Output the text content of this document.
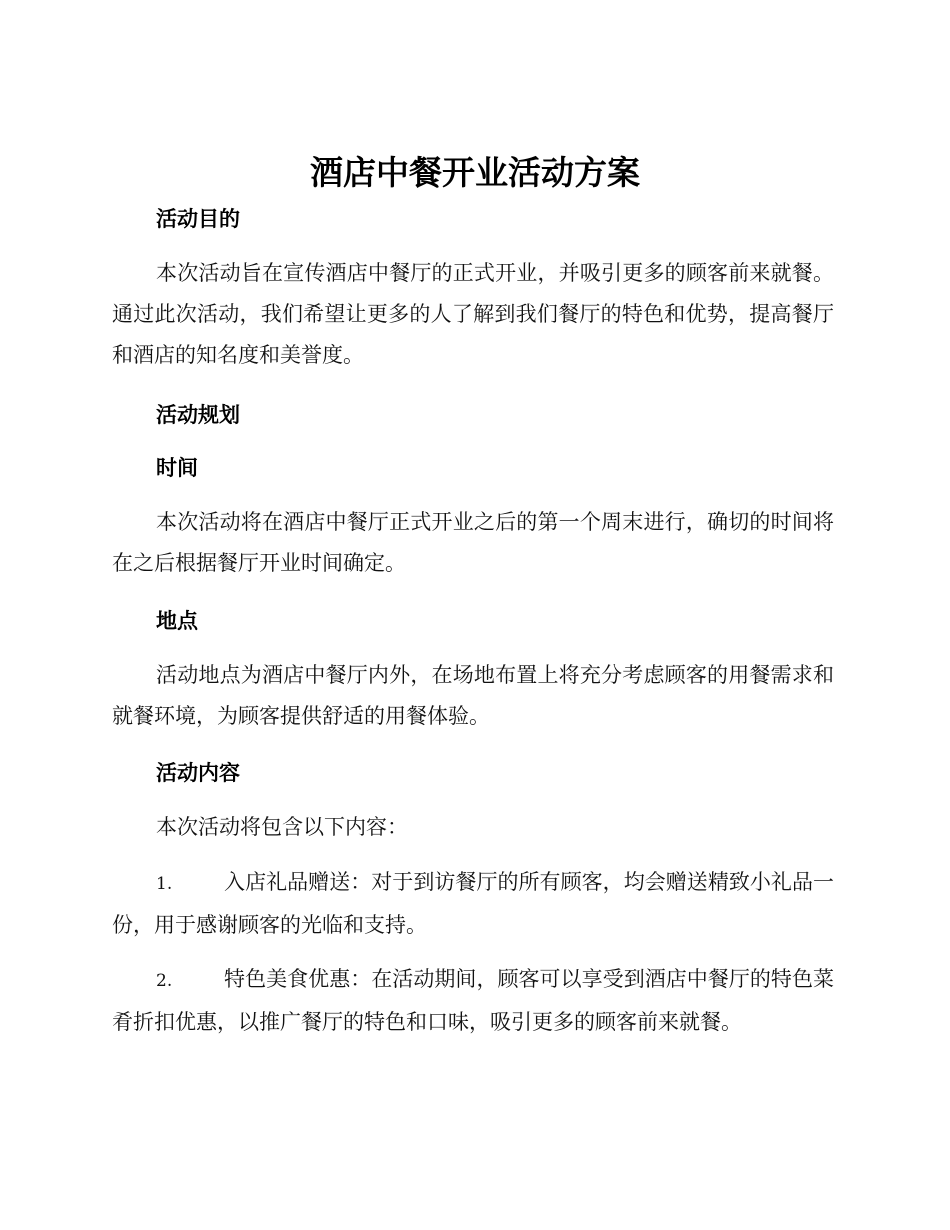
酒店中餐开业活动方案
活动目的

本次活动旨在宣传酒店中餐厅的正式开业，并吸引更多的顾客前来就餐。通过此次活动，我们希望让更多的人了解到我们餐厅的特色和优势，提高餐厅和酒店的知名度和美誉度。

活动规划
时间

本次活动将在酒店中餐厅正式开业之后的第一个周末进行，确切的时间将在之后根据餐厅开业时间确定。

地点

活动地点为酒店中餐厅内外，在场地布置上将充分考虑顾客的用餐需求和就餐环境，为顾客提供舒适的用餐体验。

活动内容

本次活动将包含以下内容：

1. 入店礼品赠送：对于到访餐厅的所有顾客，均会赠送精致小礼品一份，用于感谢顾客的光临和支持。

2. 特色美食优惠：在活动期间，顾客可以享受到酒店中餐厅的特色菜肴折扣优惠，以推广餐厅的特色和口味，吸引更多的顾客前来就餐。
